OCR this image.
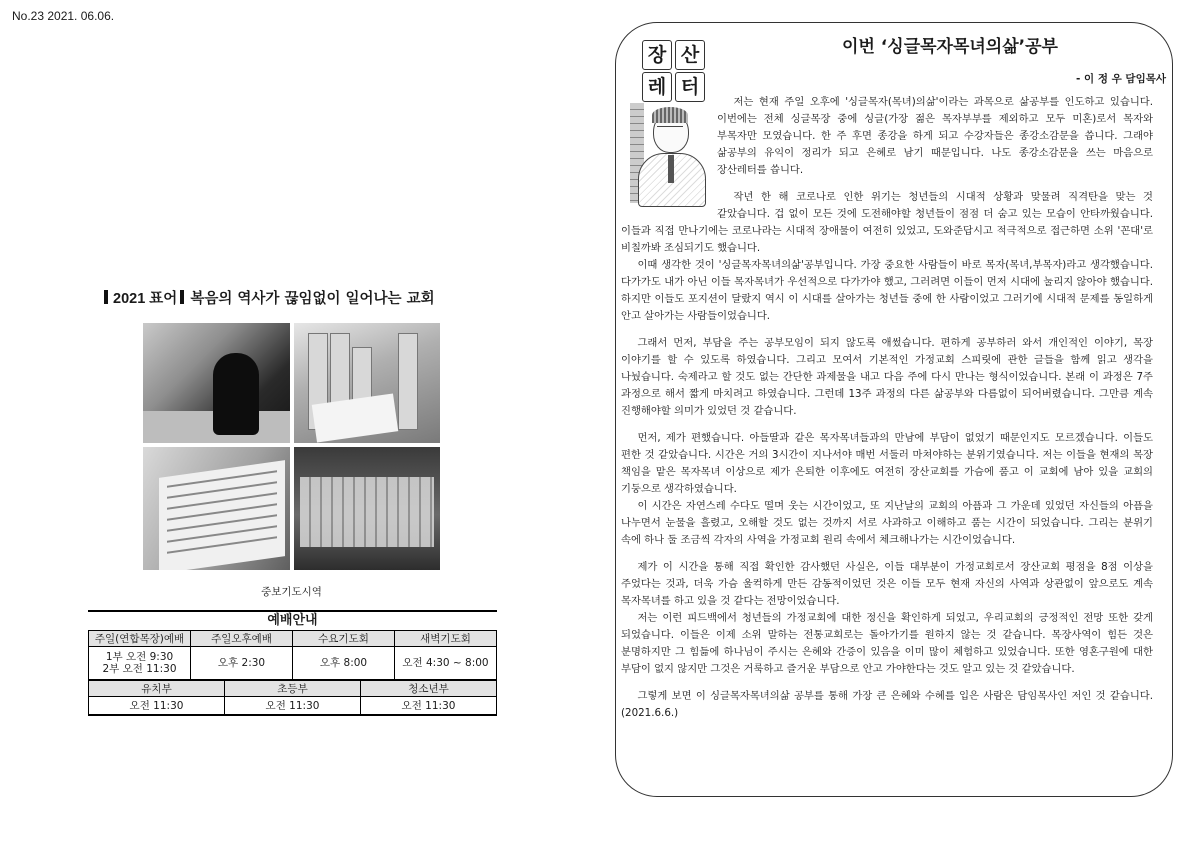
No.23 2021. 06.06.
2021 표어 복음의 역사가 끊임없이 일어나는 교회
중보기도시역
예배안내
주일(연합목장)예배	주일오후예배	수요기도회	새벽기도회
1부 오전 9:30
2부 오전 11:30	오후 2:30	오후 8:00	오전 4:30 ~ 8:00
유치부	초등부	청소년부
오전 11:30	오전 11:30	오전 11:30
장 산
레 터
이번 ‘싱글목자목녀의삶’공부
- 이 정 우 담임목사

저는 현재 주일 오후에 '싱글목자(목녀)의삶'이라는 과목으로 삶공부를 인도하고 있습니다. 이번에는 전체 싱글목장 중에 싱글(가장 젊은 목자부부를 제외하고 모두 미혼)로서 목자와 부목자만 모였습니다. 한 주 후면 종강을 하게 되고 수강자들은 종강소감문을 씁니다. 그래야 삶공부의 유익이 정리가 되고 은혜로 남기 때문입니다. 나도 종강소감문을 쓰는 마음으로 장산레터를 씁니다.

작년 한 해 코로나로 인한 위기는 청년들의 시대적 상황과 맞물려 직격탄을 맞는 것 같았습니다. 겁 없이 모든 것에 도전해야할 청년들이 점점 더 숨고 있는 모습이 안타까웠습니다. 이들과 직접 만나기에는 코로나라는 시대적 장애물이 여전히 있었고, 도와준답시고 적극적으로 접근하면 소위 '꼰대'로 비칠까봐 조심되기도 했습니다.

이때 생각한 것이 '싱글목자목녀의삶'공부입니다. 가장 중요한 사람들이 바로 목자(목녀,부목자)라고 생각했습니다. 다가가도 내가 아닌 이들 목자목녀가 우선적으로 다가가야 했고, 그러려면 이들이 먼저 시대에 눌리지 않아야 했습니다. 하지만 이들도 포지션이 달랐지 역시 이 시대를 살아가는 청년들 중에 한 사람이었고 그러기에 시대적 문제를 동일하게 안고 살아가는 사람들이었습니다.

그래서 먼저, 부담을 주는 공부모임이 되지 않도록 애썼습니다. 편하게 공부하러 와서 개인적인 이야기, 목장 이야기를 할 수 있도록 하였습니다. 그리고 모여서 기본적인 가정교회 스피릿에 관한 글들을 함께 읽고 생각을 나눴습니다. 숙제라고 할 것도 없는 간단한 과제물을 내고 다음 주에 다시 만나는 형식이었습니다. 본래 이 과정은 7주 과정으로 해서 짧게 마치려고 하였습니다. 그런데 13주 과정의 다른 삶공부와 다름없이 되어버렸습니다. 그만큼 계속 진행해야할 의미가 있었던 것 같습니다.

먼저, 제가 편했습니다. 아들딸과 같은 목자목녀들과의 만남에 부담이 없었기 때문인지도 모르겠습니다. 이들도 편한 것 같았습니다. 시간은 거의 3시간이 지나서야 매번 서둘러 마쳐야하는 분위기였습니다. 저는 이들을 현재의 목장 책임을 맡은 목자목녀 이상으로 제가 은퇴한 이후에도 여전히 장산교회를 가슴에 품고 이 교회에 남아 있을 교회의 기둥으로 생각하였습니다.

이 시간은 자연스레 수다도 떨며 웃는 시간이었고, 또 지난날의 교회의 아픔과 그 가운데 있었던 자신들의 아픔을 나누면서 눈물을 흘렸고, 오해할 것도 없는 것까지 서로 사과하고 이해하고 품는 시간이 되었습니다. 그리는 분위기 속에 하나 둘 조금씩 각자의 사역을 가정교회 원리 속에서 체크해나가는 시간이었습니다.

제가 이 시간을 통해 직접 확인한 감사했던 사실은, 이들 대부분이 가정교회로서 장산교회 평점을 8점 이상을 주었다는 것과, 더욱 가슴 울컥하게 만든 감동적이었던 것은 이들 모두 현재 자신의 사역과 상관없이 앞으로도 계속 목자목녀를 하고 있을 것 같다는 전망이었습니다.

저는 이런 피드백에서 청년들의 가정교회에 대한 정신을 확인하게 되었고, 우리교회의 긍정적인 전망 또한 갖게 되었습니다. 이들은 이제 소위 말하는 전통교회로는 돌아가기를 원하지 않는 것 같습니다. 목장사역이 힘든 것은 분명하지만 그 힘듦에 하나님이 주시는 은혜와 간증이 있음을 이미 많이 체험하고 있었습니다. 또한 영혼구원에 대한 부담이 없지 않지만 그것은 거룩하고 즐거운 부담으로 안고 가야한다는 것도 알고 있는 것 같았습니다.

그렇게 보면 이 싱글목자목녀의삶 공부를 통해 가장 큰 은혜와 수혜를 입은 사람은 담임목사인 저인 것 같습니다.(2021.6.6.)
